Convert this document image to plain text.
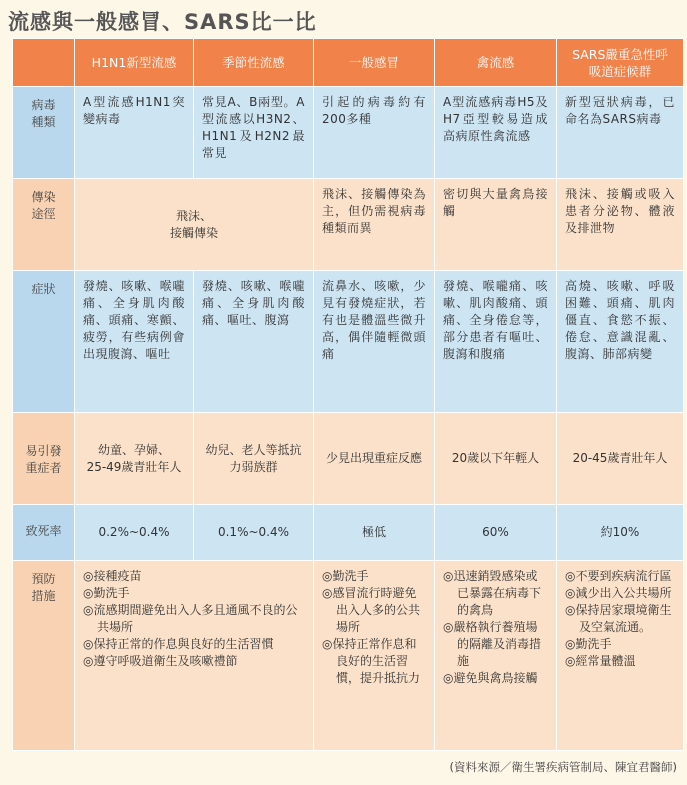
流感與一般感冒、SARS比一比
	H1N1新型流感	季節性流感	一般感冒	禽流感	SARS嚴重急性呼
吸道症候群

病毒
種類	A型流感H1N1突變病毒	常見A、B兩型。A型流感以H3N2、H1N1及H2N2最常見	引起的病毒約有200多種	A型流感病毒H5及H7亞型較易造成高病原性禽流感	新型冠狀病毒，已命名為SARS病毒

傳染
途徑	飛沫、
接觸傳染		飛沫、接觸傳染為主，但仍需視病毒種類而異	密切與大量禽鳥接觸	飛沫、接觸或吸入患者分泌物、體液及排泄物
症狀	發燒、咳嗽、喉嚨痛、全身肌肉酸痛、頭痛、寒顫、疲勞，有些病例會出現腹瀉、嘔吐	發燒、咳嗽、喉嚨痛、全身肌肉酸痛、嘔吐、腹瀉	流鼻水、咳嗽，少見有發燒症狀，若有也是體溫些微升高，偶伴隨輕微頭痛	發燒、喉嚨痛、咳嗽、肌肉酸痛、頭痛、全身倦怠等，部分患者有嘔吐、腹瀉和腹痛	高燒、咳嗽、呼吸困難、頭痛、肌肉僵直、食慾不振、倦怠、意識混亂、腹瀉、肺部病變

易引發
重症者	幼童、孕婦、
25-49歲青壯年人	幼兒、老人等抵抗
力弱族群	少見出現重症反應	20歲以下年輕人	20-45歲青壯年人
致死率	0.2%~0.4%	0.1%~0.4%	極低	60%	約10%

預防
措施	◎接種疫苗
◎勤洗手
◎流感期間避免出入人多且通風不良的公共場所
◎保持正常的作息與良好的生活習慣
◎遵守呼吸道衛生及咳嗽禮節		◎勤洗手
◎感冒流行時避免出入人多的公共場所
◎保持正常作息和良好的生活習慣，提升抵抗力	◎迅速銷毀感染或已暴露在病毒下的禽鳥
◎嚴格執行養殖場的隔離及消毒措施
◎避免與禽鳥接觸	◎不要到疾病流行區
◎減少出入公共場所
◎保持居家環境衛生及空氣流通。
◎勤洗手
◎經常量體溫
(資料來源／衛生署疾病管制局、陳宜君醫師)
